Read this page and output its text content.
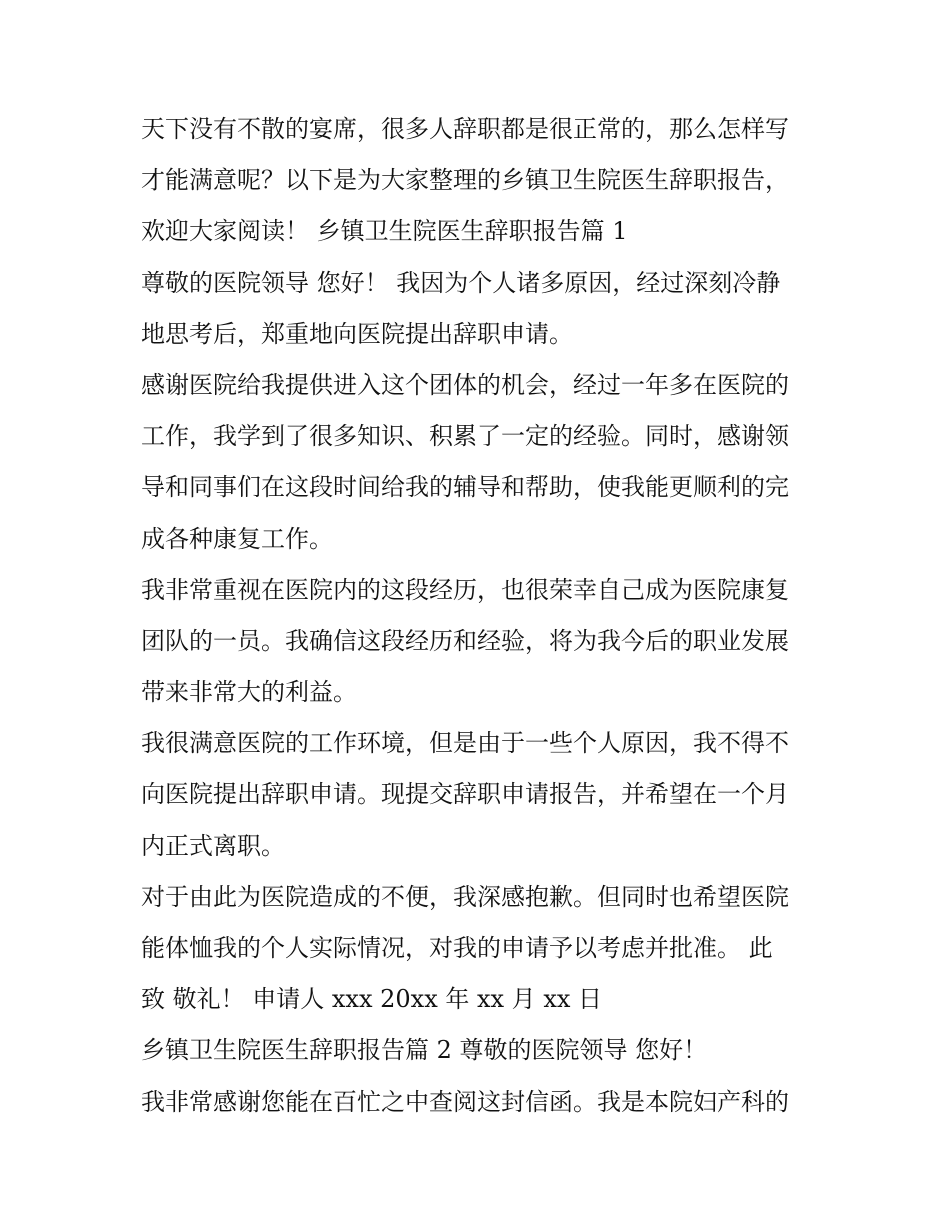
天下没有不散的宴席，很多人辞职都是很正常的，那么怎样写
才能满意呢？以下是为大家整理的乡镇卫生院医生辞职报告，
欢迎大家阅读！ 乡镇卫生院医生辞职报告篇 1
尊敬的医院领导 您好！ 我因为个人诸多原因，经过深刻冷静
地思考后，郑重地向医院提出辞职申请。
感谢医院给我提供进入这个团体的机会，经过一年多在医院的
工作，我学到了很多知识、积累了一定的经验。同时，感谢领
导和同事们在这段时间给我的辅导和帮助，使我能更顺利的完
成各种康复工作。
我非常重视在医院内的这段经历，也很荣幸自己成为医院康复
团队的一员。我确信这段经历和经验，将为我今后的职业发展
带来非常大的利益。
我很满意医院的工作环境，但是由于一些个人原因，我不得不
向医院提出辞职申请。现提交辞职申请报告，并希望在一个月
内正式离职。
对于由此为医院造成的不便，我深感抱歉。但同时也希望医院
能体恤我的个人实际情况，对我的申请予以考虑并批准。 此
致 敬礼！ 申请人 xxx 20xx 年 xx 月 xx 日
乡镇卫生院医生辞职报告篇 2 尊敬的医院领导 您好！
我非常感谢您能在百忙之中查阅这封信函。我是本院妇产科的
